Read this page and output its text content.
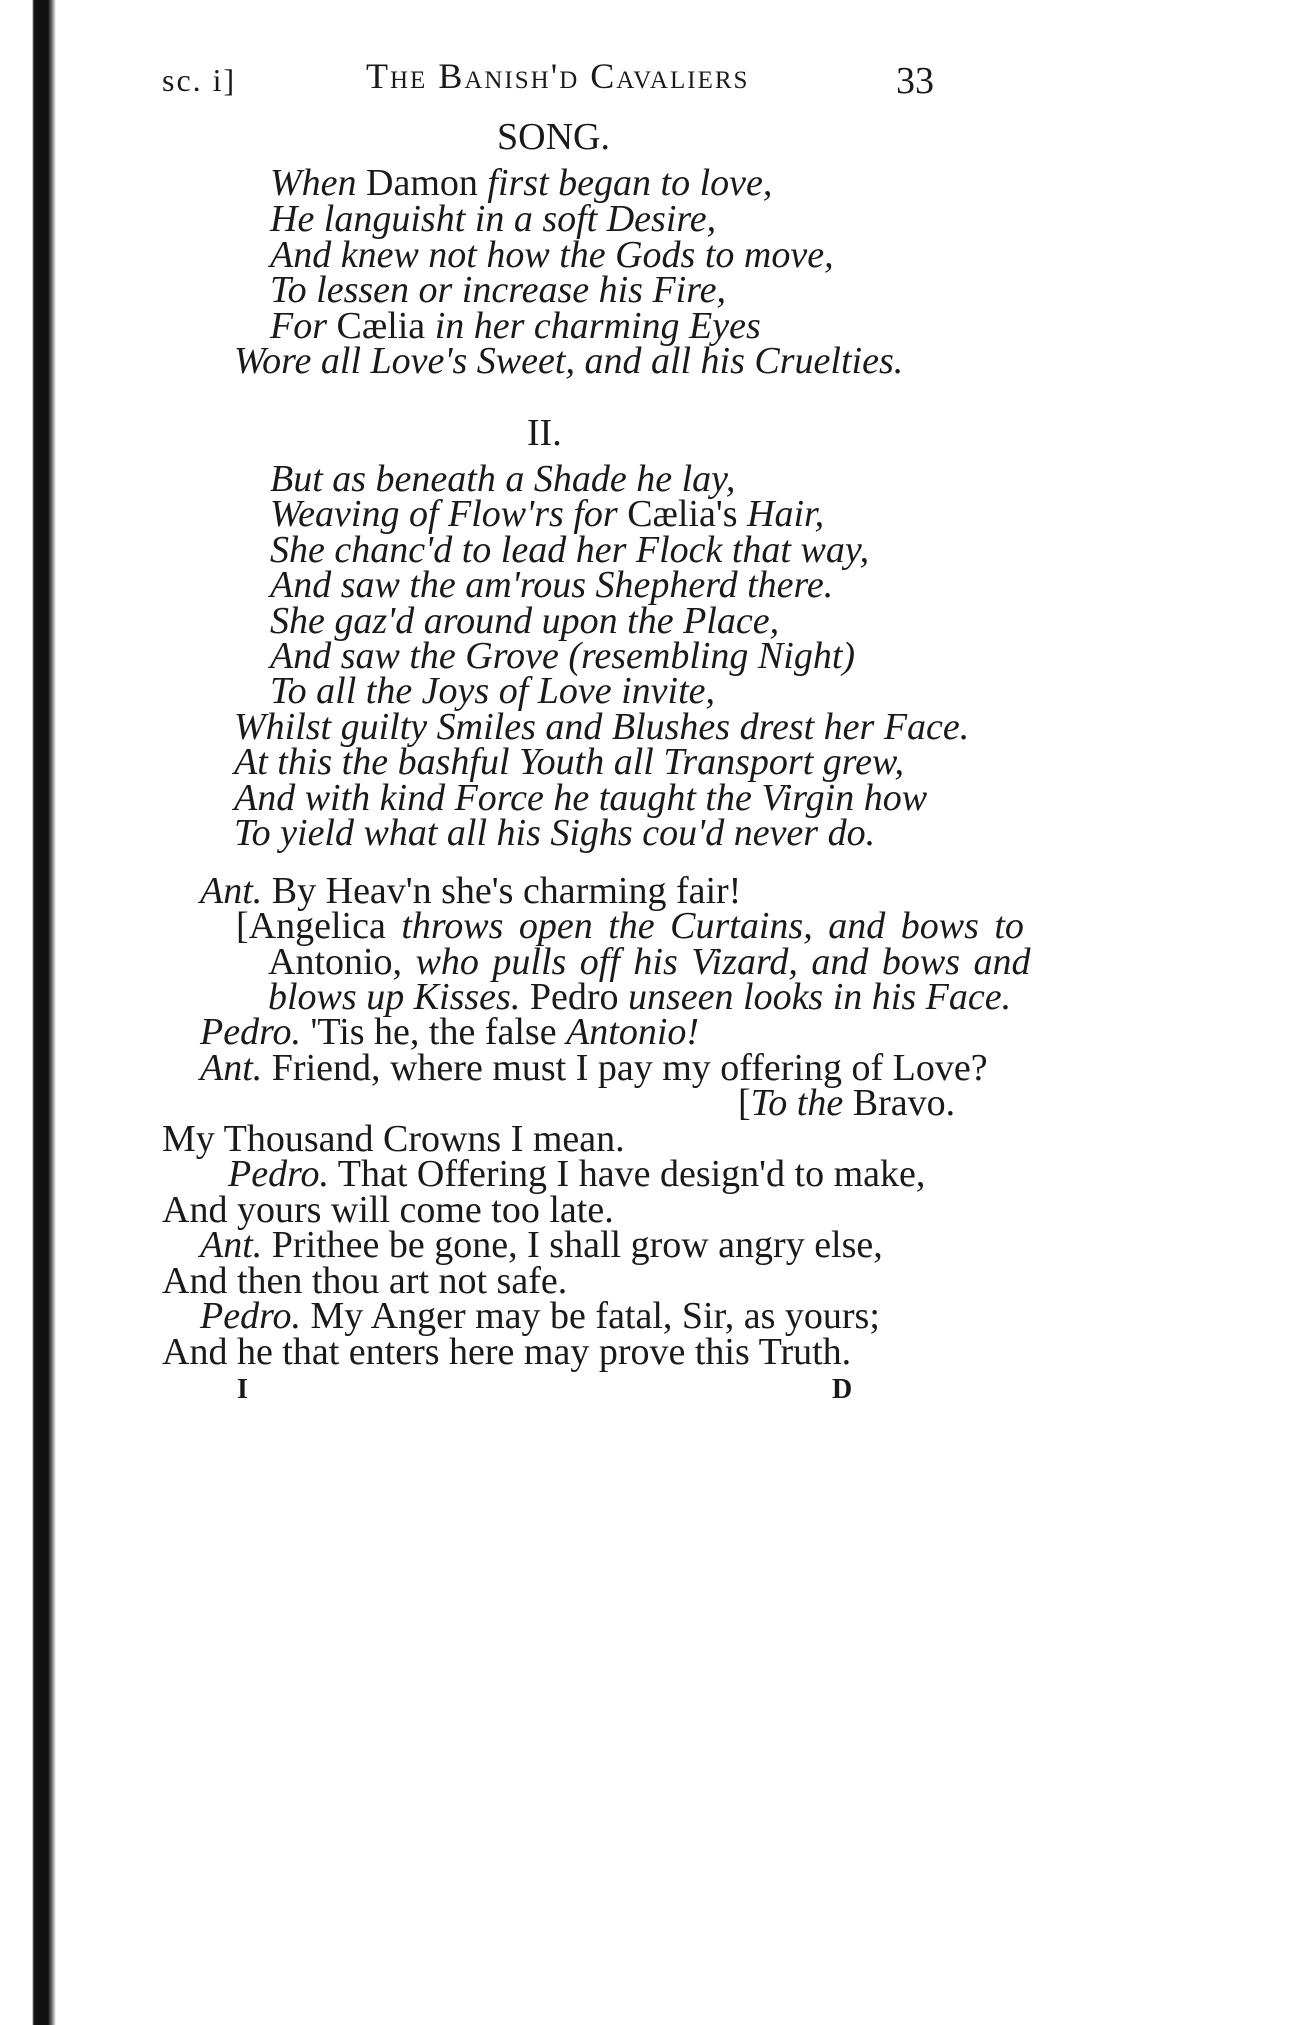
sc. i]	The Banish'd Cavaliers	33
SONG.
When Damon first began to love,
He languisht in a soft Desire,
And knew not how the Gods to move,
To lessen or increase his Fire,
For Cælia in her charming Eyes
Wore all Love's Sweet, and all his Cruelties.
II.
But as beneath a Shade he lay,
Weaving of Flow'rs for Cælia's Hair,
She chanc'd to lead her Flock that way,
And saw the am'rous Shepherd there.
She gaz'd around upon the Place,
And saw the Grove (resembling Night)
To all the Joys of Love invite,
Whilst guilty Smiles and Blushes drest her Face.
At this the bashful Youth all Transport grew,
And with kind Force he taught the Virgin how
To yield what all his Sighs cou'd never do.
Ant. By Heav'n she's charming fair!
[Angelica throws open the Curtains, and bows to
Antonio, who pulls off his Vizard, and bows and
blows up Kisses. Pedro unseen looks in his Face.
Pedro. 'Tis he, the false Antonio!
Ant. Friend, where must I pay my offering of Love?
[To the Bravo.
My Thousand Crowns I mean.
Pedro. That Offering I have design'd to make,
And yours will come too late.
Ant. Prithee be gone, I shall grow angry else,
And then thou art not safe.
Pedro. My Anger may be fatal, Sir, as yours;
And he that enters here may prove this Truth.
I	D
